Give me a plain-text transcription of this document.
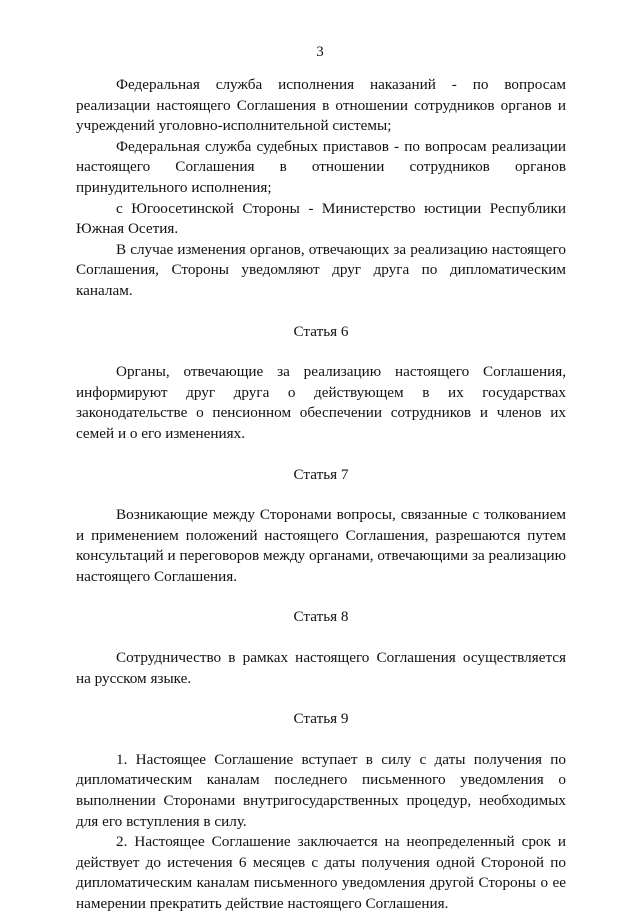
3

Федеральная служба исполнения наказаний - по вопросам реализации настоящего Соглашения в отношении сотрудников органов и учреждений уголовно-исполнительной системы;

Федеральная служба судебных приставов - по вопросам реализации настоящего Соглашения в отношении сотрудников органов принудительного исполнения;

с Югоосетинской Стороны - Министерство юстиции Республики Южная Осетия.

В случае изменения органов, отвечающих за реализацию настоящего Соглашения, Стороны уведомляют друг друга по дипломатическим каналам.

Статья 6

Органы, отвечающие за реализацию настоящего Соглашения, информируют друг друга о действующем в их государствах законодательстве о пенсионном обеспечении сотрудников и членов их семей и о его изменениях.

Статья 7

Возникающие между Сторонами вопросы, связанные с толкованием и применением положений настоящего Соглашения, разрешаются путем консультаций и переговоров между органами, отвечающими за реализацию настоящего Соглашения.

Статья 8

Сотрудничество в рамках настоящего Соглашения осуществляется на русском языке.

Статья 9

1. Настоящее Соглашение вступает в силу с даты получения по дипломатическим каналам последнего письменного уведомления о выполнении Сторонами внутригосударственных процедур, необходимых для его вступления в силу.

2. Настоящее Соглашение заключается на неопределенный срок и действует до истечения 6 месяцев с даты получения одной Стороной по дипломатическим каналам письменного уведомления другой Стороны о ее намерении прекратить действие настоящего Соглашения.
